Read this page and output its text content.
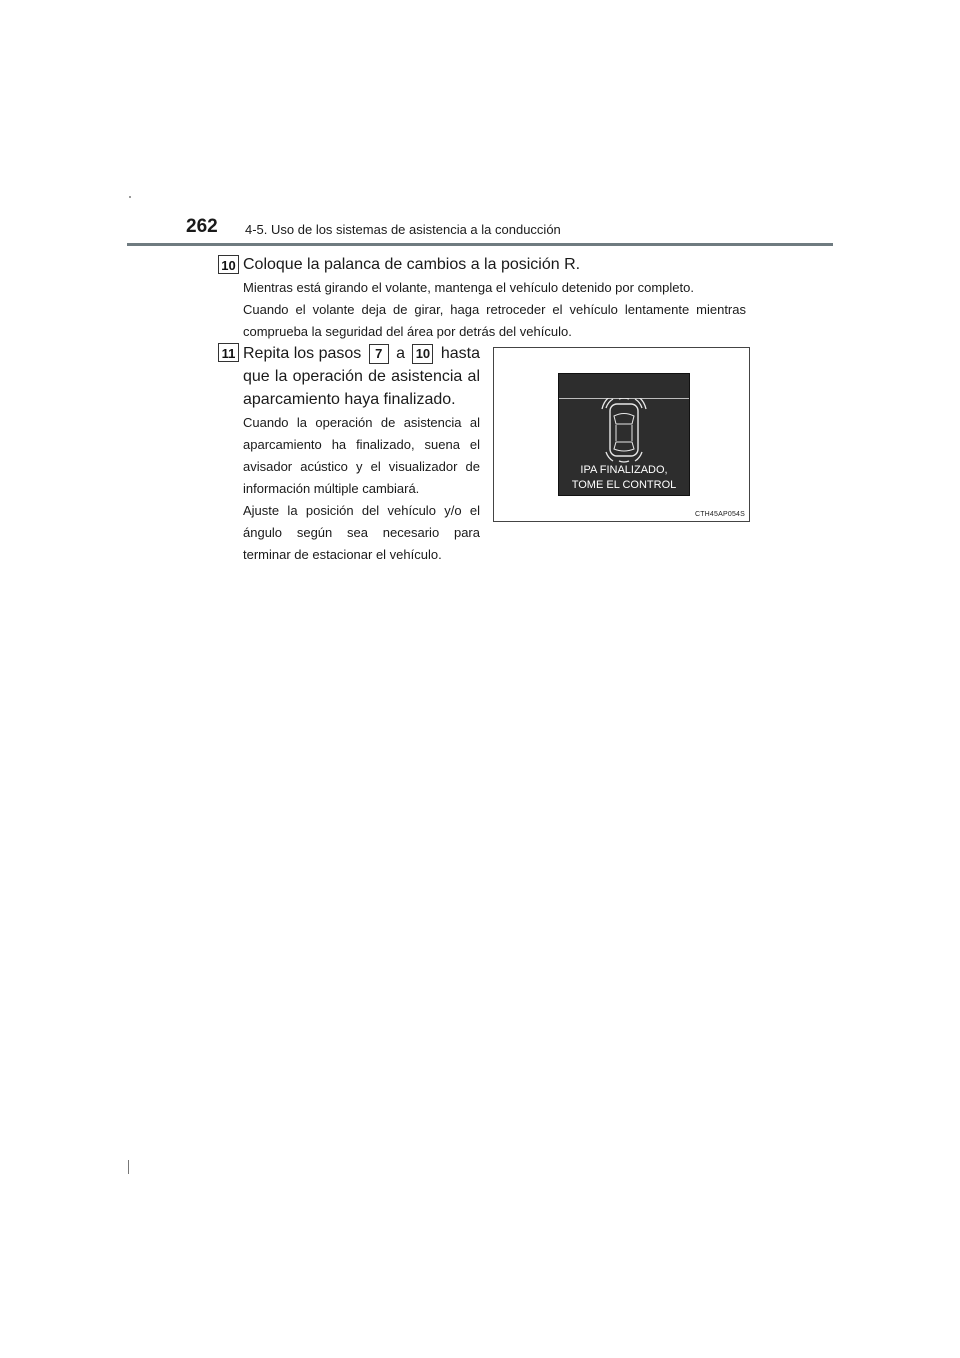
262 4-5. Uso de los sistemas de asistencia a la conducción
10 Coloque la palanca de cambios a la posición R.

Mientras está girando el volante, mantenga el vehículo detenido por completo.

Cuando el volante deja de girar, haga retroceder el vehículo lentamente mientras comprueba la seguridad del área por detrás del vehículo.

11 Repita los pasos	7 a 10 hasta
que la operación de asistencia al
aparcamiento haya finalizado.

Cuando la operación de asistencia al aparcamiento ha finalizado, suena el avisador acústico y el visualizador de información múltiple cambiará.

Ajuste la posición del vehículo y/o el ángulo según sea necesario para terminar de estacionar el vehículo.

IPA FINALIZADO,
TOME EL CONTROL
CTH45AP054S
